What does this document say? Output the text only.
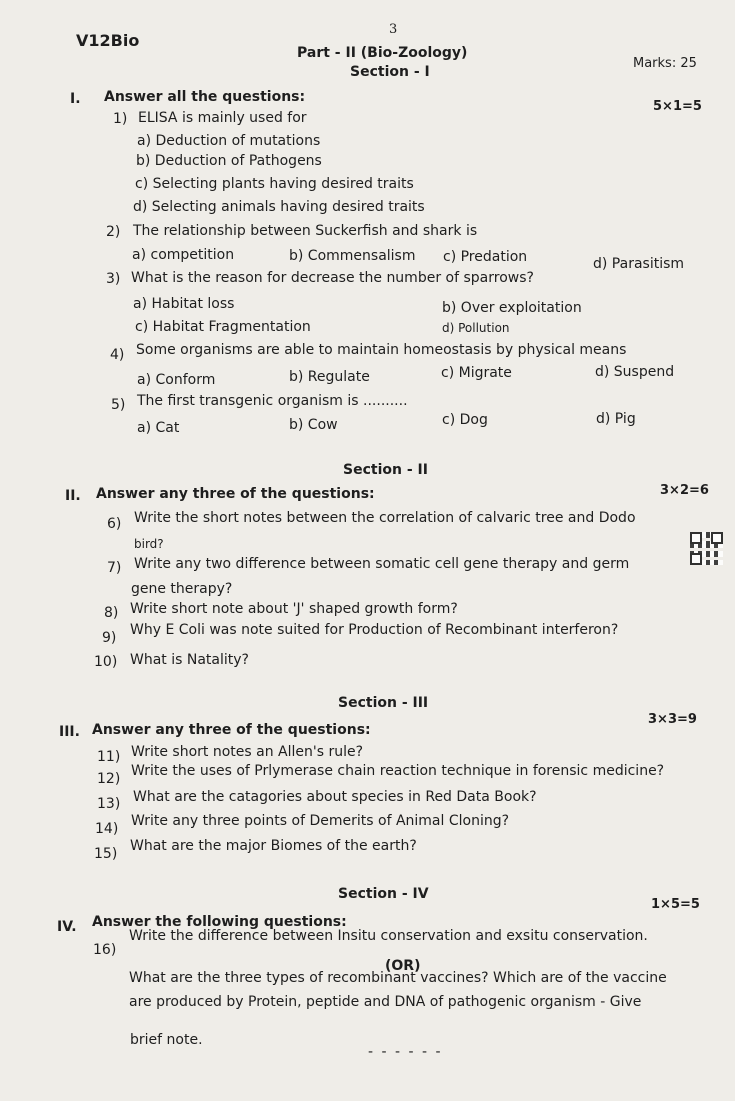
3
V12Bio
Part - II (Bio-Zoology)
Marks: 25
Section - I
I. Answer all the questions:
5×1=5
1) ELISA is mainly used for
a) Deduction of mutations
b) Deduction of Pathogens
c) Selecting plants having desired traits
d) Selecting animals having desired traits
2) The relationship between Suckerfish and shark is
a) competition	b) Commensalism c) Predation	d) Parasitism
3) What is the reason for decrease the number of sparrows?
a) Habitat loss	b) Over exploitation
c) Habitat Fragmentation	d) Pollution
4) Some organisms are able to maintain homeostasis by physical means
a) Conform	b) Regulate	c) Migrate	d) Suspend
5) The first transgenic organism is ..........
a) Cat	b) Cow	c) Dog	d) Pig
Section - II
II. Answer any three of the questions:	3×2=6
6) Write the short notes between the correlation of calvaric tree and Dodo
bird?
7) Write any two difference between somatic cell gene therapy and germ
gene therapy?
8) Write short note about 'J' shaped growth form?
9) Why E Coli was note suited for Production of Recombinant interferon?
10) What is Natality?
Section - III
III. Answer any three of the questions:
3×3=9
11) Write short notes an Allen's rule?
12) Write the uses of Prlymerase chain reaction technique in forensic medicine?
13) What are the catagories about species in Red Data Book?
14) Write any three points of Demerits of Animal Cloning?
15) What are the major Biomes of the earth?
Section - IV
IV. Answer the following questions:
1×5=5
16)
Write the difference between Insitu conservation and exsitu conservation.
(OR)
What are the three types of recombinant vaccines? Which are of the vaccine
are produced by Protein, peptide and DNA of pathogenic organism - Give
brief note.
- - - - - -
